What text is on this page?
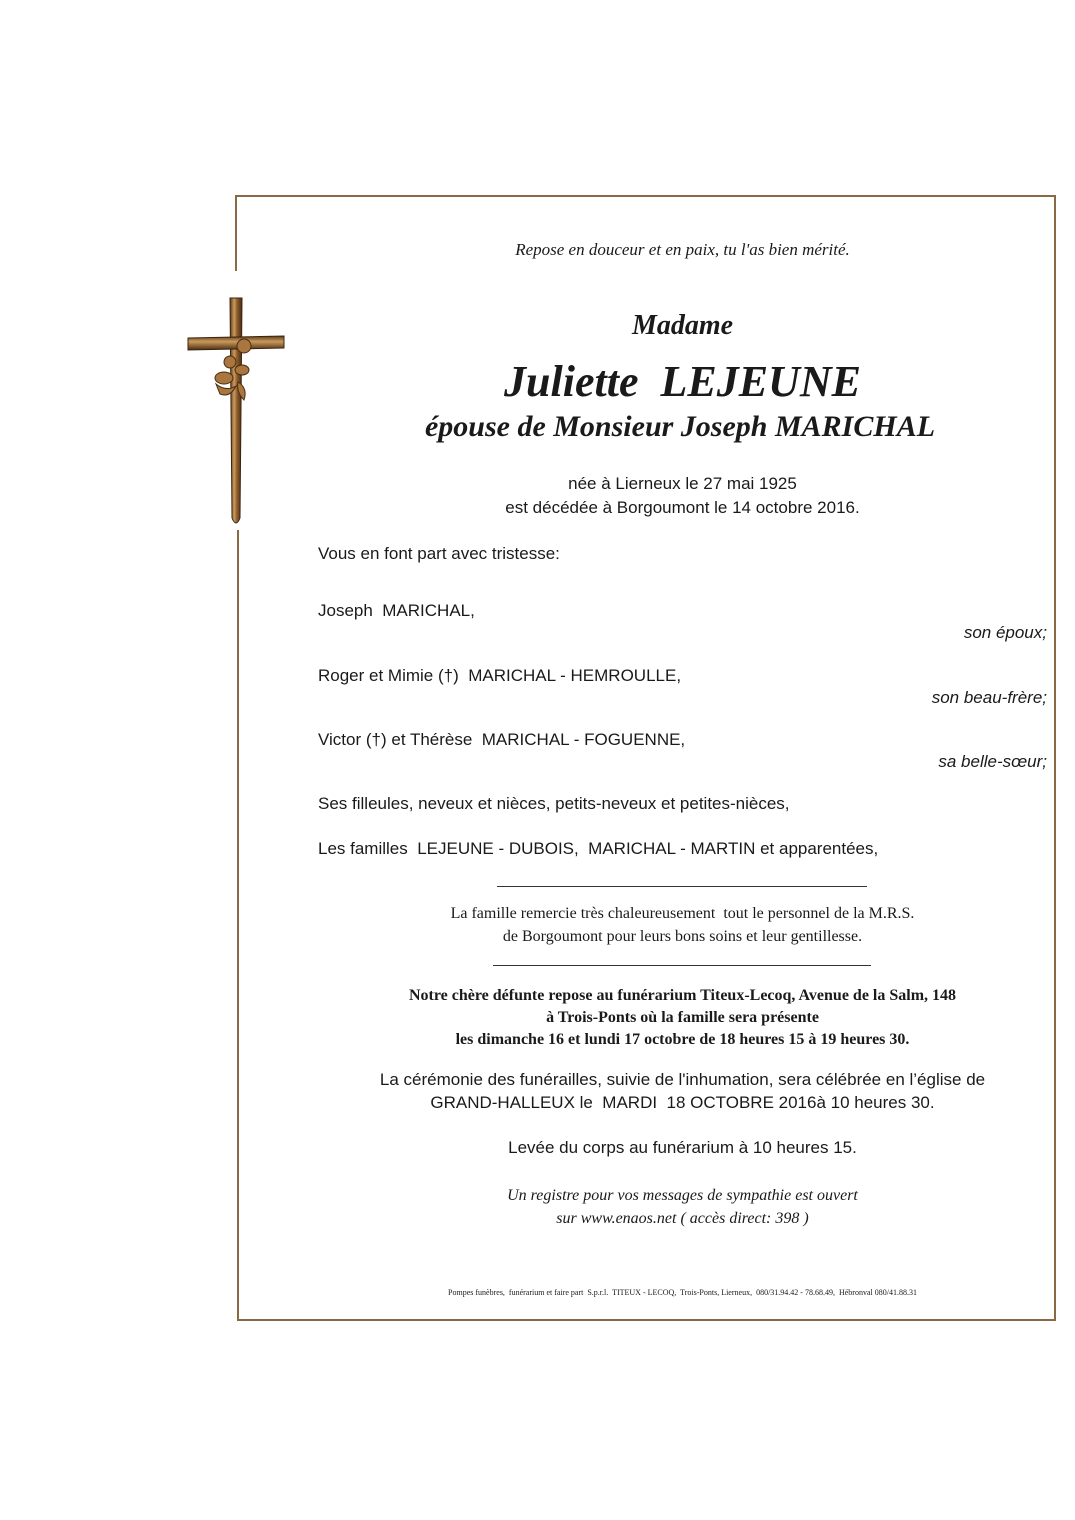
Repose en douceur et en paix, tu l'as bien mérité.
Madame
Juliette  LEJEUNE
épouse de Monsieur Joseph MARICHAL
née à Lierneux le 27 mai 1925
est décédée à Borgoumont le 14 octobre 2016.
Vous en font part avec tristesse:
Joseph  MARICHAL,
son époux;
Roger et Mimie (†)  MARICHAL - HEMROULLE,
son beau-frère;
Victor (†) et Thérèse  MARICHAL - FOGUENNE,
sa belle-sœur;
Ses filleules, neveux et nièces, petits-neveux et petites-nièces,
Les familles  LEJEUNE - DUBOIS,  MARICHAL - MARTIN et apparentées,
La famille remercie très chaleureusement  tout le personnel de la M.R.S.
de Borgoumont pour leurs bons soins et leur gentillesse.
Notre chère défunte repose au funérarium Titeux-Lecoq, Avenue de la Salm, 148
à Trois-Ponts où la famille sera présente
les dimanche 16 et lundi 17 octobre de 18 heures 15 à 19 heures 30.
La cérémonie des funérailles, suivie de l'inhumation, sera célébrée en l’église de
GRAND-HALLEUX le  MARDI  18 OCTOBRE 2016à 10 heures 30.
Levée du corps au funérarium à 10 heures 15.
Un registre pour vos messages de sympathie est ouvert
sur www.enaos.net ( accès direct: 398 )
Pompes funèbres,  funérarium et faire part  S.p.r.l.  TITEUX - LECOQ,  Trois-Ponts, Lierneux,  080/31.94.42 - 78.68.49,  Hébronval 080/41.88.31
